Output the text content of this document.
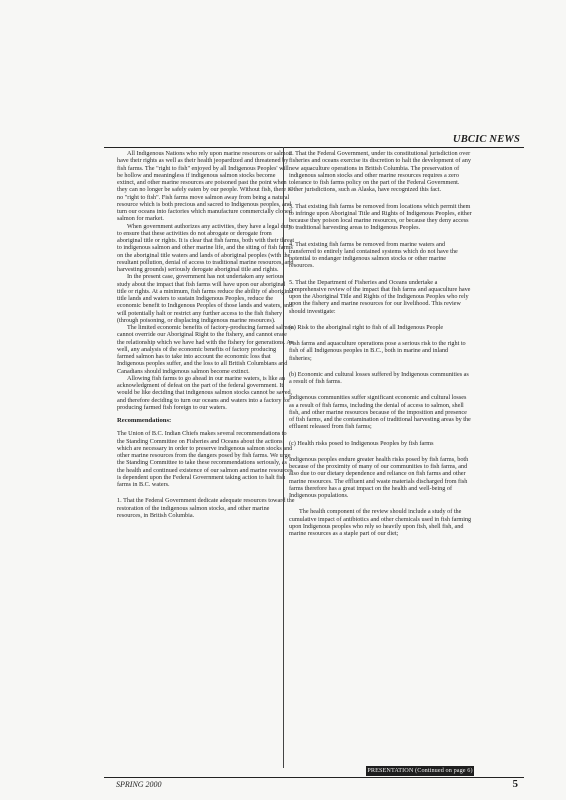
UBCIC NEWS

All Indigenous Nations who rely upon marine resources or salmon have their rights as well as their health jeopardized and threatened by fish farms. The "right to fish" enjoyed by all Indigenous Peoples' will be hollow and meaningless if indigenous salmon stocks become extinct, and other marine resources are poisoned past the point when they can no longer be safely eaten by our people. Without fish, there is no "right to fish". Fish farms move salmon away from being a natural resource which is both precious and sacred to Indigenous peoples, and turn our oceans into factories which manufacture commercially cloned salmon for market.

When government authorizes any activities, they have a legal duty to ensure that these activities do not abrogate or derogate from aboriginal title or rights. It is clear that fish farms, both with their threat to indigenous salmon and other marine life, and the siting of fish farms on the aboriginal title waters and lands of aboriginal peoples (with the resultant pollution, denial of access to traditional marine resources, and harvesting grounds) seriously derogate aboriginal title and rights.

In the present case, government has not undertaken any serious study about the impact that fish farms will have upon our aboriginal title or rights. At a minimum, fish farms reduce the ability of aboriginal title lands and waters to sustain Indigenous Peoples, reduce the economic benefit to Indigenous Peoples of those lands and waters, and will potentially halt or restrict any further access to the fish fishery (through poisoning, or displacing indigenous marine resources).

The limited economic benefits of factory-producing farmed salmon cannot override our Aboriginal Right to the fishery, and cannot erase the relationship which we have had with the fishery for generations. As well, any analysis of the economic benefits of factory producing farmed salmon has to take into account the economic loss that Indigenous peoples suffer, and the loss to all British Columbians and Canadians should indigenous salmon become extinct.

Allowing fish farms to go ahead in our marine waters, is like an acknowledgment of defeat on the part of the federal government. It would be like deciding that indigenous salmon stocks cannot be saved, and therefore deciding to turn our oceans and waters into a factory for producing farmed fish foreign to our waters.

Recommendations:

The Union of B.C. Indian Chiefs makes several recommendations to the Standing Committee on Fisheries and Oceans about the actions which are necessary in order to preserve indigenous salmon stocks and other marine resources from the dangers posed by fish farms. We urge the Standing Committee to take these recommendations seriously, as the health and continued existence of our salmon and marine resources is dependent upon the Federal Government taking action to halt fish farms in B.C. waters.

1. That the Federal Government dedicate adequate resources toward the restoration of the indigenous salmon stocks, and other marine resources, in British Columbia.

2. That the Federal Government, under its constitutional jurisdiction over fisheries and oceans exercise its discretion to halt the development of any new aquaculture operations in British Columbia. The preservation of indigenous salmon stocks and other marine resources requires a zero tolerance to fish farms policy on the part of the Federal Government. Other jurisdictions, such as Alaska, have recognized this fact.

3. That existing fish farms be removed from locations which permit them to infringe upon Aboriginal Title and Rights of Indigenous Peoples, either because they poison local marine resources, or because they deny access to traditional harvesting areas to Indigenous Peoples.

4. That existing fish farms be removed from marine waters and transferred to entirely land contained systems which do not have the potential to endanger indigenous salmon stocks or other marine resources.

5. That the Department of Fisheries and Oceans undertake a comprehensive review of the impact that fish farms and aquaculture have upon the Aboriginal Title and Rights of the Indigenous Peoples who rely upon the fishery and marine resources for our livelihood. This review should investigate:

(a) Risk to the aboriginal right to fish of all Indigenous People

Fish farms and aquaculture operations pose a serious risk to the right to fish of all Indigenous peoples in B.C., both in marine and inland fisheries;

(b) Economic and cultural losses suffered by Indigenous communities as a result of fish farms.

Indigenous communities suffer significant economic and cultural losses as a result of fish farms, including the denial of access to salmon, shell fish, and other marine resources because of the imposition and presence of fish farms, and the contamination of traditional harvesting areas by the effluent released from fish farms;

(c) Health risks posed to Indigenous Peoples by fish farms

Indigenous peoples endure greater health risks posed by fish farms, both because of the proximity of many of our communities to fish farms, and also due to our dietary dependence and reliance on fish farms and other marine resources. The effluent and waste materials discharged from fish farms therefore has a great impact on the health and well-being of Indigenous populations.

The health component of the review should include a study of the cumulative impact of antibiotics and other chemicals used in fish farming upon Indigenous peoples who rely so heavily upon fish, shell fish, and marine resources as a staple part of our diet;

PRESENTATION (Continued on page 6)
SPRING 2000	5
